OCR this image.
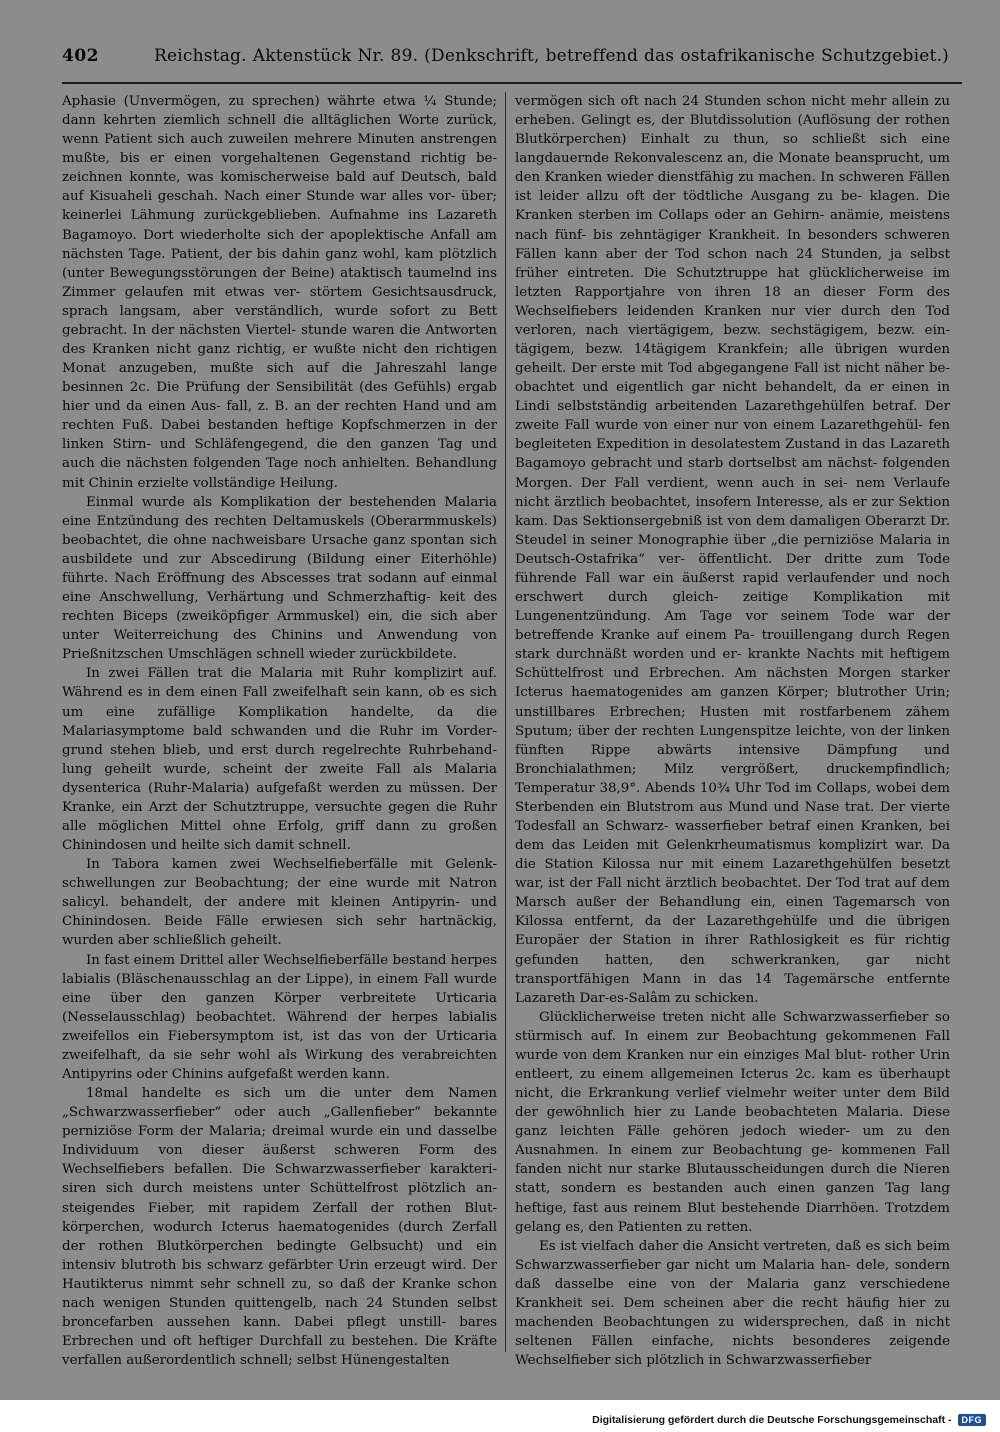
402	Reichstag. Aktenstück Nr. 89. (Denkschrift, betreffend das ostafrikanische Schutzgebiet.)

Aphasie (Unvermögen, zu sprechen) währte etwa ¼ Stunde; dann kehrten ziemlich schnell die alltäglichen Worte zurück, wenn Patient sich auch zuweilen mehrere Minuten anstrengen mußte, bis er einen vorgehaltenen Gegenstand richtig be- zeichnen konnte, was komischerweise bald auf Deutsch, bald auf Kisuaheli geschah. Nach einer Stunde war alles vor- über; keinerlei Lähmung zurückgeblieben. Aufnahme ins Lazareth Bagamoyo. Dort wiederholte sich der apoplektische Anfall am nächsten Tage. Patient, der bis dahin ganz wohl, kam plötzlich (unter Bewegungsstörungen der Beine) ataktisch taumelnd ins Zimmer gelaufen mit etwas ver- störtem Gesichtsausdruck, sprach langsam, aber verständlich, wurde sofort zu Bett gebracht. In der nächsten Viertel- stunde waren die Antworten des Kranken nicht ganz richtig, er wußte nicht den richtigen Monat anzugeben, mußte sich auf die Jahreszahl lange besinnen 2c. Die Prüfung der Sensibilität (des Gefühls) ergab hier und da einen Aus- fall, z. B. an der rechten Hand und am rechten Fuß. Dabei bestanden heftige Kopfschmerzen in der linken Stirn- und Schläfengegend, die den ganzen Tag und auch die nächsten folgenden Tage noch anhielten. Behandlung mit Chinin erzielte vollständige Heilung.

Einmal wurde als Komplikation der bestehenden Malaria eine Entzündung des rechten Deltamuskels (Oberarmmuskels) beobachtet, die ohne nachweisbare Ursache ganz spontan sich ausbildete und zur Abscedirung (Bildung einer Eiterhöhle) führte. Nach Eröffnung des Abscesses trat sodann auf einmal eine Anschwellung, Verhärtung und Schmerzhaftig- keit des rechten Biceps (zweiköpfiger Armmuskel) ein, die sich aber unter Weiterreichung des Chinins und Anwendung von Prießnitzschen Umschlägen schnell wieder zurückbildete.

In zwei Fällen trat die Malaria mit Ruhr komplizirt auf. Während es in dem einen Fall zweifelhaft sein kann, ob es sich um eine zufällige Komplikation handelte, da die Malariasymptome bald schwanden und die Ruhr im Vorder- grund stehen blieb, und erst durch regelrechte Ruhrbehand- lung geheilt wurde, scheint der zweite Fall als Malaria dysenterica (Ruhr-Malaria) aufgefaßt werden zu müssen. Der Kranke, ein Arzt der Schutztruppe, versuchte gegen die Ruhr alle möglichen Mittel ohne Erfolg, griff dann zu großen Chinindosen und heilte sich damit schnell.

In Tabora kamen zwei Wechselfieberfälle mit Gelenk- schwellungen zur Beobachtung; der eine wurde mit Natron salicyl. behandelt, der andere mit kleinen Antipyrin- und Chinindosen. Beide Fälle erwiesen sich sehr hartnäckig, wurden aber schließlich geheilt.

In fast einem Drittel aller Wechselfieberfälle bestand herpes labialis (Bläschenausschlag an der Lippe), in einem Fall wurde eine über den ganzen Körper verbreitete Urticaria (Nesselausschlag) beobachtet. Während der herpes labialis zweifellos ein Fiebersymptom ist, ist das von der Urticaria zweifelhaft, da sie sehr wohl als Wirkung des verabreichten Antipyrins oder Chinins aufgefaßt werden kann.

18mal handelte es sich um die unter dem Namen „Schwarzwasserfieber“ oder auch „Gallenfieber“ bekannte perniziöse Form der Malaria; dreimal wurde ein und dasselbe Individuum von dieser äußerst schweren Form des Wechselfiebers befallen. Die Schwarzwasserfieber karakteri- siren sich durch meistens unter Schüttelfrost plötzlich an- steigendes Fieber, mit rapidem Zerfall der rothen Blut- körperchen, wodurch Icterus haematogenides (durch Zerfall der rothen Blutkörperchen bedingte Gelbsucht) und ein intensiv blutroth bis schwarz gefärbter Urin erzeugt wird. Der Hautikterus nimmt sehr schnell zu, so daß der Kranke schon nach wenigen Stunden quittengelb, nach 24 Stunden selbst broncefarben aussehen kann. Dabei pflegt unstill- bares Erbrechen und oft heftiger Durchfall zu bestehen. Die Kräfte verfallen außerordentlich schnell; selbst Hünengestalten

vermögen sich oft nach 24 Stunden schon nicht mehr allein zu erheben. Gelingt es, der Blutdissolution (Auflösung der rothen Blutkörperchen) Einhalt zu thun, so schließt sich eine langdauernde Rekonvalescenz an, die Monate beansprucht, um den Kranken wieder dienstfähig zu machen. In schweren Fällen ist leider allzu oft der tödtliche Ausgang zu be- klagen. Die Kranken sterben im Collaps oder an Gehirn- anämie, meistens nach fünf- bis zehntägiger Krankheit. In besonders schweren Fällen kann aber der Tod schon nach 24 Stunden, ja selbst früher eintreten. Die Schutztruppe hat glücklicherweise im letzten Rapportjahre von ihren 18 an dieser Form des Wechselfiebers leidenden Kranken nur vier durch den Tod verloren, nach viertägigem, bezw. sechstägigem, bezw. ein- tägigem, bezw. 14tägigem Krankfein; alle übrigen wurden geheilt. Der erste mit Tod abgegangene Fall ist nicht näher be- obachtet und eigentlich gar nicht behandelt, da er einen in Lindi selbstständig arbeitenden Lazarethgehülfen betraf. Der zweite Fall wurde von einer nur von einem Lazarethgehül- fen begleiteten Expedition in desolatestem Zustand in das Lazareth Bagamoyo gebracht und starb dortselbst am nächst- folgenden Morgen. Der Fall verdient, wenn auch in sei- nem Verlaufe nicht ärztlich beobachtet, insofern Interesse, als er zur Sektion kam. Das Sektionsergebniß ist von dem damaligen Oberarzt Dr. Steudel in seiner Monographie über „die perniziöse Malaria in Deutsch-Ostafrika“ ver- öffentlicht. Der dritte zum Tode führende Fall war ein äußerst rapid verlaufender und noch erschwert durch gleich- zeitige Komplikation mit Lungenentzündung. Am Tage vor seinem Tode war der betreffende Kranke auf einem Pa- trouillengang durch Regen stark durchnäßt worden und er- krankte Nachts mit heftigem Schüttelfrost und Erbrechen. Am nächsten Morgen starker Icterus haematogenides am ganzen Körper; blutrother Urin; unstillbares Erbrechen; Husten mit rostfarbenem zähem Sputum; über der rechten Lungenspitze leichte, von der linken fünften Rippe abwärts intensive Dämpfung und Bronchialathmen; Milz vergrößert, druckempfindlich; Temperatur 38,9°. Abends 10¾ Uhr Tod im Collaps, wobei dem Sterbenden ein Blutstrom aus Mund und Nase trat. Der vierte Todesfall an Schwarz- wasserfieber betraf einen Kranken, bei dem das Leiden mit Gelenkrheumatismus komplizirt war. Da die Station Kilossa nur mit einem Lazarethgehülfen besetzt war, ist der Fall nicht ärztlich beobachtet. Der Tod trat auf dem Marsch außer der Behandlung ein, einen Tagemarsch von Kilossa entfernt, da der Lazarethgehülfe und die übrigen Europäer der Station in ihrer Rathlosigkeit es für richtig gefunden hatten, den schwerkranken, gar nicht transportfähigen Mann in das 14 Tagemärsche entfernte Lazareth Dar-es-Salâm zu schicken.

Glücklicherweise treten nicht alle Schwarzwasserfieber so stürmisch auf. In einem zur Beobachtung gekommenen Fall wurde von dem Kranken nur ein einziges Mal blut- rother Urin entleert, zu einem allgemeinen Icterus 2c. kam es überhaupt nicht, die Erkrankung verlief vielmehr weiter unter dem Bild der gewöhnlich hier zu Lande beobachteten Malaria. Diese ganz leichten Fälle gehören jedoch wieder- um zu den Ausnahmen. In einem zur Beobachtung ge- kommenen Fall fanden nicht nur starke Blutausscheidungen durch die Nieren statt, sondern es bestanden auch einen ganzen Tag lang heftige, fast aus reinem Blut bestehende Diarrhöen. Trotzdem gelang es, den Patienten zu retten.

Es ist vielfach daher die Ansicht vertreten, daß es sich beim Schwarzwasserfieber gar nicht um Malaria han- dele, sondern daß dasselbe eine von der Malaria ganz verschiedene Krankheit sei. Dem scheinen aber die recht häufig hier zu machenden Beobachtungen zu widersprechen, daß in nicht seltenen Fällen einfache, nichts besonderes zeigende Wechselfieber sich plötzlich in Schwarzwasserfieber

Digitalisierung gefördert durch die Deutsche Forschungsgemeinschaft -	DFG
